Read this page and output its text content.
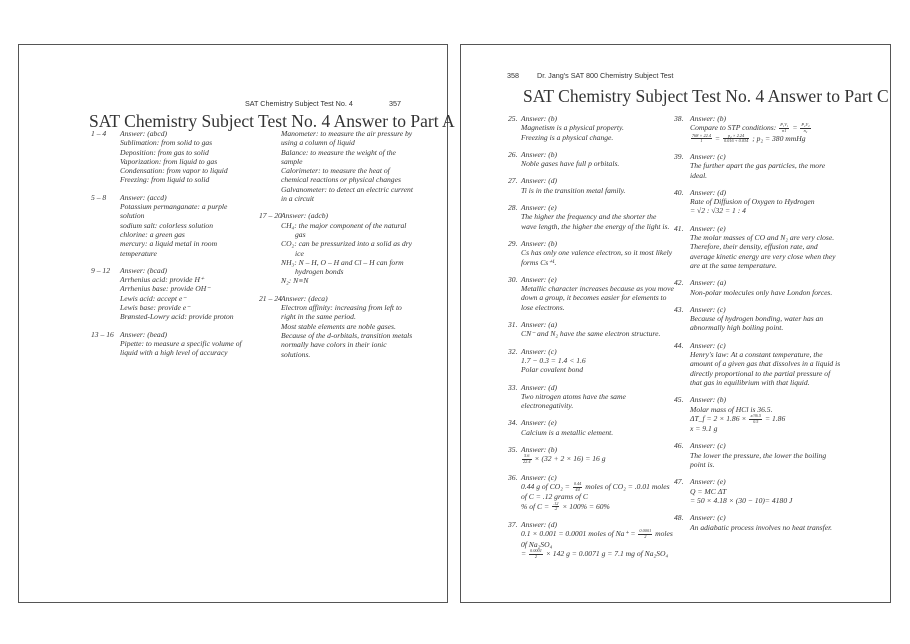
SAT Chemistry Subject Test No. 4	357
SAT Chemistry Subject Test No. 4 Answer to Part A
1 – 4 Answer: (abcd)
Sublimation: from solid to gas
Deposition: from gas to solid
Vaporization: from liquid to gas
Condensation: from vapor to liquid
Freezing: from liquid to solid
5 – 8 Answer: (accd)
Potassium permanganate: a purple
solution
sodium salt: colorless solution
chlorine: a green gas
mercury: a liquid metal in room
temperature
9 – 12 Answer: (bcad)
Arrhenius acid: provide H⁺
Arrhenius base: provide OH⁻
Lewis acid: accept e⁻
Lewis base: provide e⁻
Brønsted-Lowry acid: provide proton
13 – 16 Answer: (bead)
Pipette: to measure a specific volume of
liquid with a high level of accuracy
Manometer: to measure the air pressure by
using a column of liquid
Balance: to measure the weight of the
sample
Calorimeter: to measure the heat of
chemical reactions or physical changes
Galvanometer: to detect an electric current
in a circuit
17 – 20 Answer: (adcb)
CH₄: the major component of the natural
gas
CO₂: can be pressurized into a solid as dry
ice
NH₃: N – H, O – H and Cl – H can form
hydrogen bonds
N₂: N≡N
21 – 24 Answer: (deca)
Electron affinity: increasing from left to
right in the same period.
Most stable elements are noble gases.
Because of the d-orbitals, transition metals
normally have colors in their ionic
solutions.
358	Dr. Jang's SAT 800 Chemistry Subject Test
SAT Chemistry Subject Test No. 4 Answer to Part C
25. Answer: (b)
Magnetism is a physical property.
Freezing is a physical change.
26. Answer: (b)
Noble gases have full p orbitals.
27. Answer: (d)
Ti is in the transition metal family.
28. Answer: (e)
The higher the frequency and the shorter the
wave length, the higher the energy of the light is.
29. Answer: (b)
Cs has only one valence electron, so it most likely
forms Cs⁺¹.
30. Answer: (e)
Metallic character increases because as you move
down a group, it becomes easier for elements to
lose electrons.
31. Answer: (a)
CN⁻ and N₂ have the same electron structure.
32. Answer: (c)
1.7 − 0.3 = 1.4 < 1.6
Polar covalent bond
33. Answer: (d)
Two nitrogen atoms have the same
electronegativity.
34. Answer: (e)
Calcium is a metallic element.
35. Answer: (b)
$\frac{5.6}{22.4} \times (32 + 2 \times 16) = 16$ g
36. Answer: (c)
0.44 g of $CO_2 = \frac{0.44}{44}$ moles of CO₂ = .0.01 moles
of C = .12 grams of C
% of $C = \frac{.12}{.2} \times 100\% = 60\%$
37. Answer: (d)
0.1 × 0.001 = 0.0001 moles of $Na^+ = \frac{0.0001}{2}$ moles
0f Na₂SO₄
= $\frac{0.0001}{2} \times 142$ g = 0.0071 g = 7.1 mg of Na₂SO₄
38. Answer: (b)
Compare to STP conditions: $\frac{\text{P₁V₁}}{n1} = \frac{\text{P₂V₂}}{\text{n₂}}$
$\frac{768 \times 22.4}{1} = \frac{\text{p₂ × 2.24}}{0.016 + 0.034}$ ; p₂ = 380 mmHg
39. Answer: (c)
The further apart the gas particles, the more
ideal.
40. Answer: (d)
Rate of Diffusion of Oxygen to Hydrogen
= √2 : √32 = 1 : 4
41. Answer: (e)
The molar masses of CO and N₂ are very close.
Therefore, their density, effusion rate, and
average kinetic energy are very close when they
are at the same temperature.
42. Answer: (a)
Non-polar molecules only have London forces.
43. Answer: (c)
Because of hydrogen bonding, water has an
abnormally high boiling point.
44. Answer: (c)
Henry's law: At a constant temperature, the
amount of a given gas that dissolves in a liquid is
directly proportional to the partial pressure of
that gas in equilibrium with that liquid.
45. Answer: (b)
Molar mass of HCl is 36.5.
ΔT_f = $2 \times 1.86 \times \frac{x/36.5}{0.5} = 1.86$
x = 9.1 g
46. Answer: (c)
The lower the pressure, the lower the boiling
point is.
47. Answer: (e)
Q = MC ΔT
= 50 × 4.18 × (30 − 10)= 4180 J
48. Answer: (c)
An adiabatic process involves no heat transfer.
